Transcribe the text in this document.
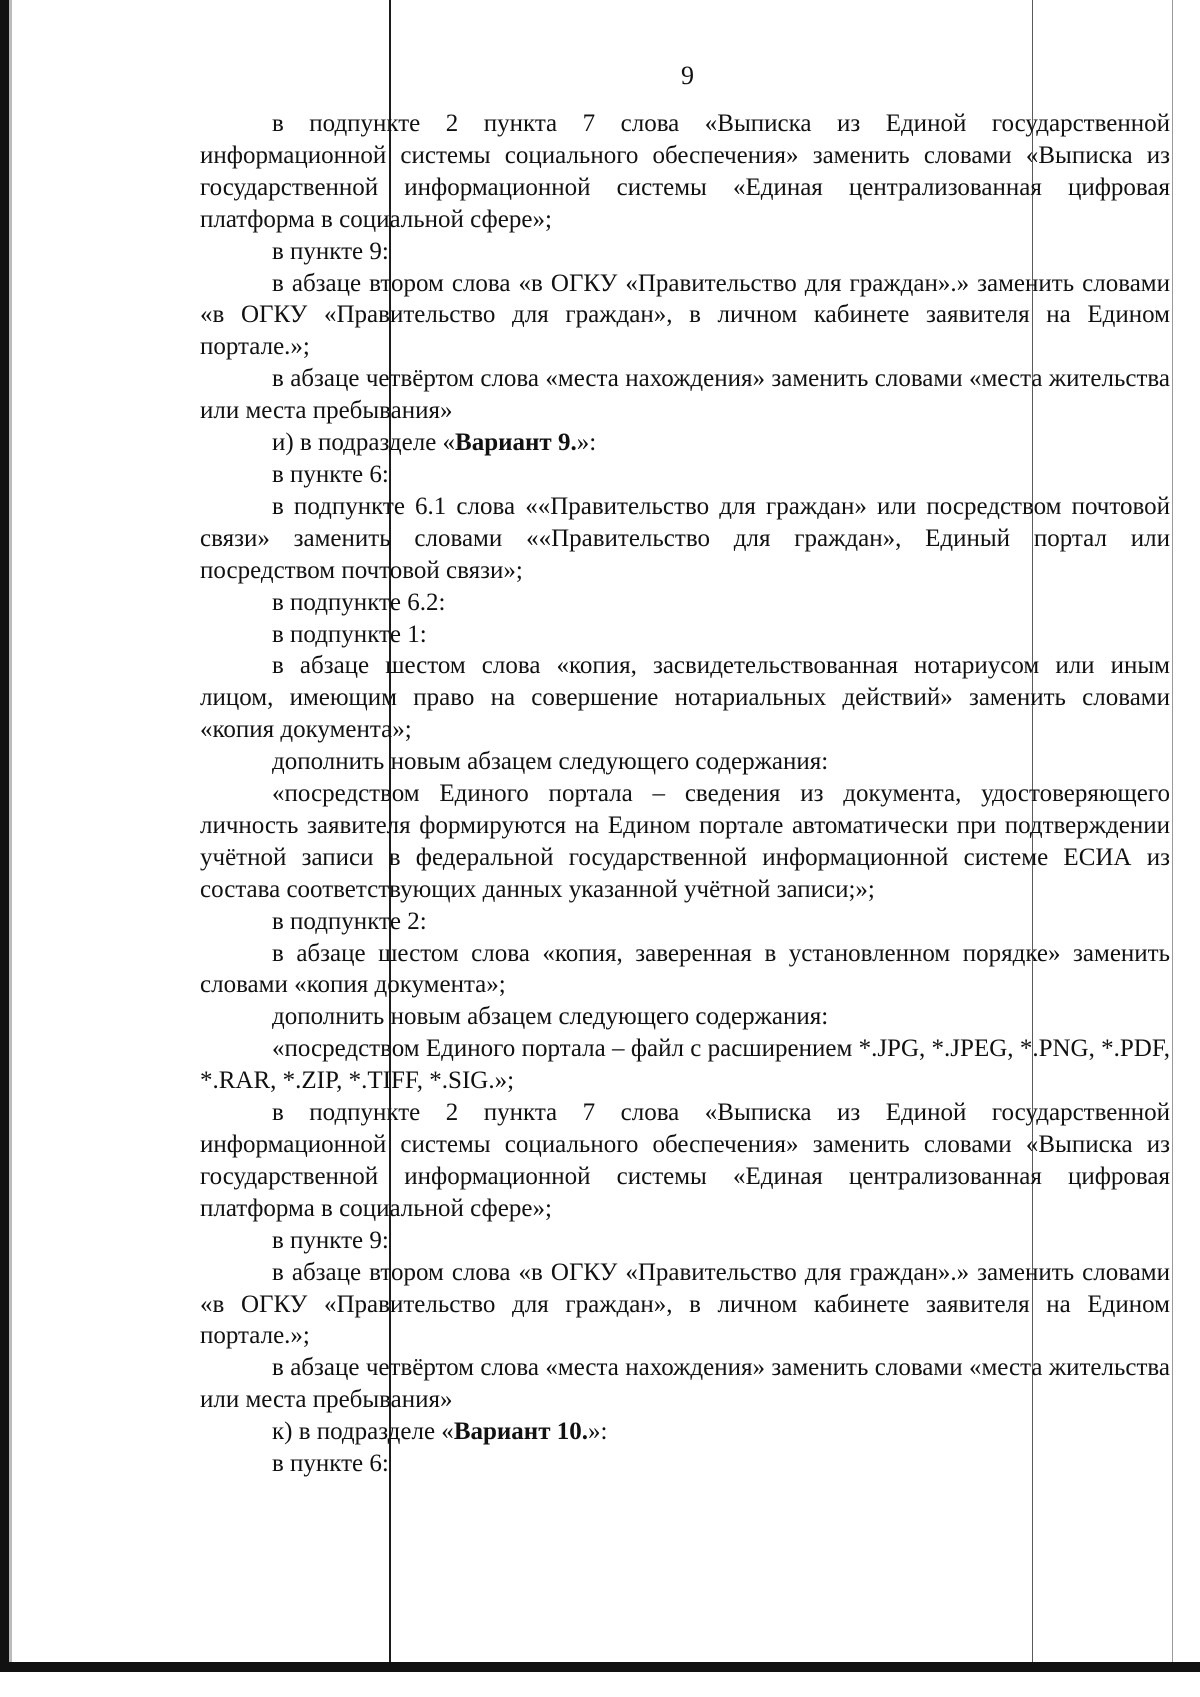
9

в подпункте 2 пункта 7 слова «Выписка из Единой государственной информационной системы социального обеспечения» заменить словами «Выписка из государственной информационной системы «Единая централизованная цифровая платформа в социальной сфере»;

в пункте 9:

в абзаце втором слова «в ОГКУ «Правительство для граждан».» заменить словами «в ОГКУ «Правительство для граждан», в личном кабинете заявителя на Едином портале.»;

в абзаце четвёртом слова «места нахождения» заменить словами «места жительства или места пребывания»

и) в подразделе «Вариант 9.»:

в пункте 6:

в подпункте 6.1 слова ««Правительство для граждан» или посредством почтовой связи» заменить словами ««Правительство для граждан», Единый портал или посредством почтовой связи»;

в подпункте 6.2:

в подпункте 1:

в абзаце шестом слова «копия, засвидетельствованная нотариусом или иным лицом, имеющим право на совершение нотариальных действий» заменить словами «копия документа»;

дополнить новым абзацем следующего содержания:

«посредством Единого портала – сведения из документа, удостоверяющего личность заявителя формируются на Едином портале автоматически при подтверждении учётной записи в федеральной государственной информационной системе ЕСИА из состава соответствующих данных указанной учётной записи;»;

в подпункте 2:

в абзаце шестом слова «копия, заверенная в установленном порядке» заменить словами «копия документа»;

дополнить новым абзацем следующего содержания:

«посредством Единого портала – файл с расширением *.JPG, *.JPEG, *.PNG, *.PDF, *.RAR, *.ZIP, *.TIFF, *.SIG.»;

в подпункте 2 пункта 7 слова «Выписка из Единой государственной информационной системы социального обеспечения» заменить словами «Выписка из государственной информационной системы «Единая централизованная цифровая платформа в социальной сфере»;

в пункте 9:

в абзаце втором слова «в ОГКУ «Правительство для граждан».» заменить словами «в ОГКУ «Правительство для граждан», в личном кабинете заявителя на Едином портале.»;

в абзаце четвёртом слова «места нахождения» заменить словами «места жительства или места пребывания»

к) в подразделе «Вариант 10.»:

в пункте 6:
